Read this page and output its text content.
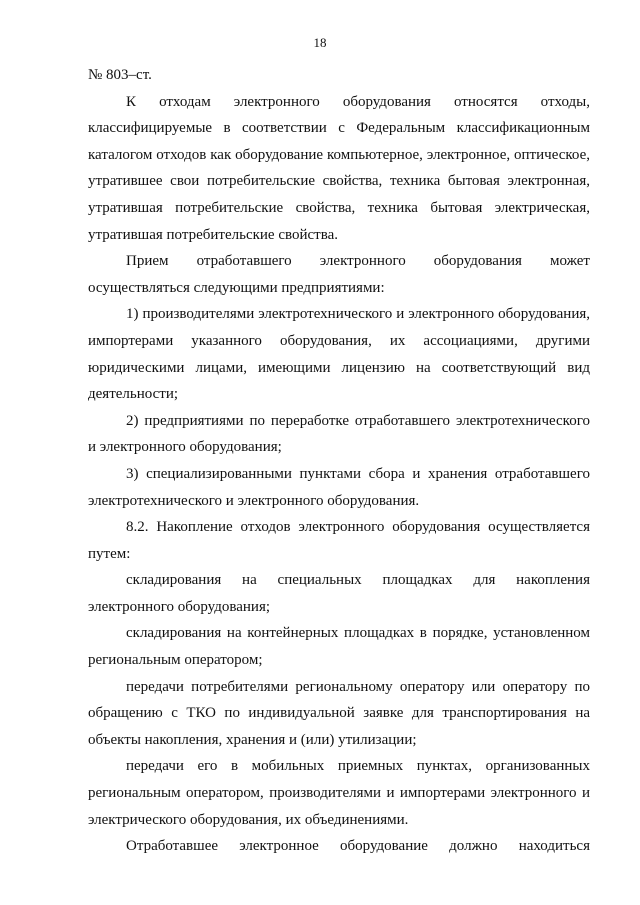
18

№ 803–ст.

К отходам электронного оборудования относятся отходы, классифицируемые в соответствии с Федеральным классификационным каталогом отходов как оборудование компьютерное, электронное, оптическое, утратившее свои потребительские свойства, техника бытовая электронная, утратившая потребительские свойства, техника бытовая электрическая, утратившая потребительские свойства.

Прием отработавшего электронного оборудования может осуществляться следующими предприятиями:

1) производителями электротехнического и электронного оборудования, импортерами указанного оборудования, их ассоциациями, другими юридическими лицами, имеющими лицензию на соответствующий вид деятельности;

2) предприятиями по переработке отработавшего электротехнического и электронного оборудования;

3) специализированными пунктами сбора и хранения отработавшего электротехнического и электронного оборудования.

8.2. Накопление отходов электронного оборудования осуществляется путем:

складирования на специальных площадках для накопления электронного оборудования;

складирования на контейнерных площадках в порядке, установленном региональным оператором;

передачи потребителями региональному оператору или оператору по обращению с ТКО по индивидуальной заявке для транспортирования на объекты накопления, хранения и (или) утилизации;

передачи его в мобильных приемных пунктах, организованных региональным оператором, производителями и импортерами электронного и электрического оборудования, их объединениями.

Отработавшее электронное оборудование должно находиться
